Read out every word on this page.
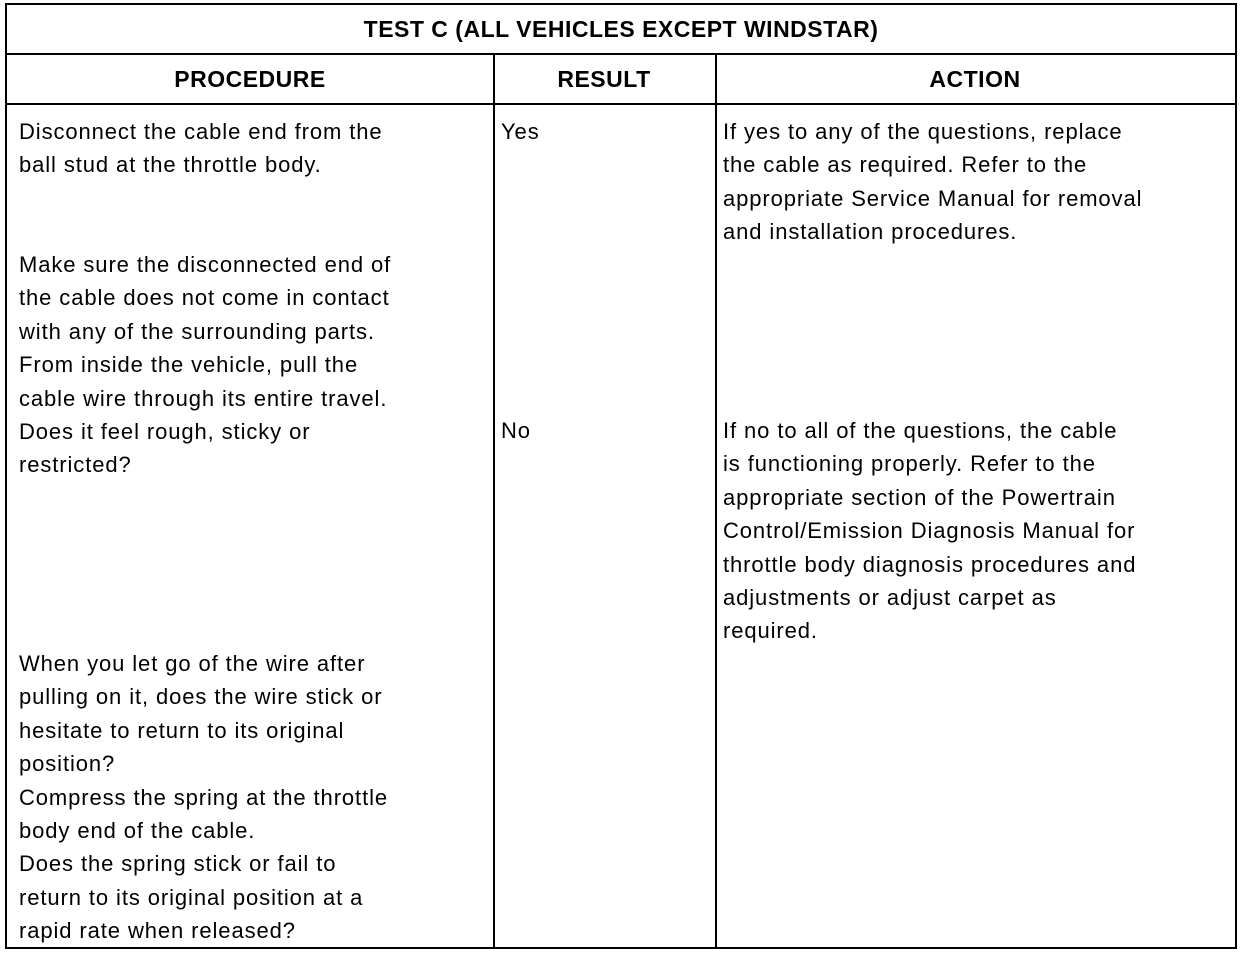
TEST C (ALL VEHICLES EXCEPT WINDSTAR)
PROCEDURE	RESULT	ACTION
Disconnect the cable end from the
ball stud at the throttle body.
Make sure the disconnected end of
the cable does not come in contact
with any of the surrounding parts.
From inside the vehicle, pull the
cable wire through its entire travel.
Does it feel rough, sticky or
restricted?
When you let go of the wire after
pulling on it, does the wire stick or
hesitate to return to its original
position?
Compress the spring at the throttle
body end of the cable.
Does the spring stick or fail to
return to its original position at a
rapid rate when released?
Yes
No
If yes to any of the questions, replace
the cable as required. Refer to the
appropriate Service Manual for removal
and installation procedures.
If no to all of the questions, the cable
is functioning properly. Refer to the
appropriate section of the Powertrain
Control/Emission Diagnosis Manual for
throttle body diagnosis procedures and
adjustments or adjust carpet as
required.
